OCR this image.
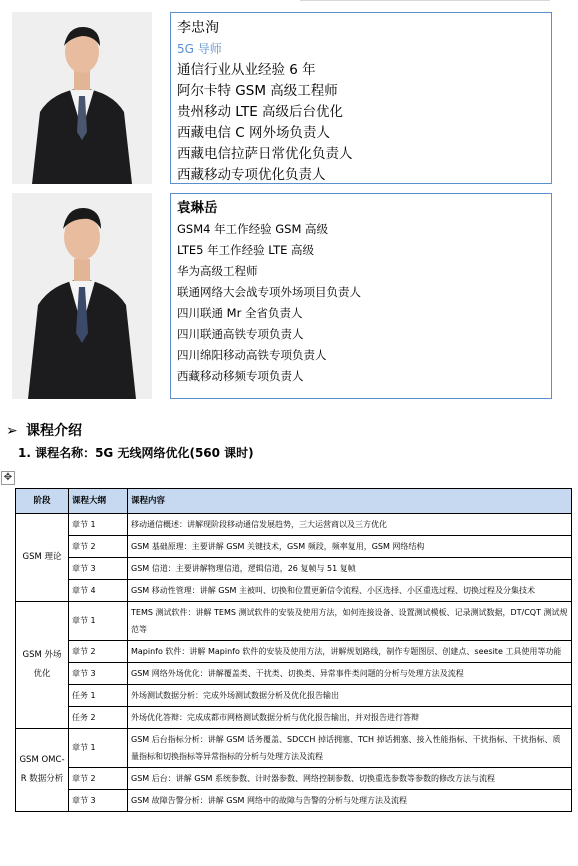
李忠洵
5G 导师
通信行业从业经验 6 年
阿尔卡特 GSM 高级工程师
贵州移动 LTE 高级后台优化
西藏电信 C 网外场负责人
西藏电信拉萨日常优化负责人
西藏移动专项优化负责人
袁琳岳
GSM4 年工作经验 GSM 高级
LTE5 年工作经验 LTE 高级
华为高级工程师
联通网络大会战专项外场项目负责人
四川联通 Mr 全省负责人
四川联通高铁专项负责人
四川绵阳移动高铁专项负责人
西藏移动移频专项负责人
➢ 课程介绍
1. 课程名称：5G 无线网络优化(560 课时)
✥
阶段	课程大纲	课程内容
GSM 理论	章节 1	移动通信概述：讲解现阶段移动通信发展趋势，三大运营商以及三方优化
	章节 2	GSM 基础原理：主要讲解 GSM 关键技术，GSM 频段，频率复用，GSM 网络结构
	章节 3	GSM 信道：主要讲解物理信道，逻辑信道，26 复帧与 51 复帧
	章节 4	GSM 移动性管理：讲解 GSM 主被叫、切换和位置更新信令流程、小区选择、小区重选过程、切换过程及分集技术
GSM 外场优化	章节 1	TEMS 测试软件：讲解 TEMS 测试软件的安装及使用方法，如何连接设备、设置测试模板、记录测试数据，DT/CQT 测试规范等
	章节 2	Mapinfo 软件：讲解 Mapinfo 软件的安装及使用方法，讲解规划路线，制作专题图层、创建点、seesite 工具使用等功能
	章节 3	GSM 网络外场优化：讲解覆盖类、干扰类、切换类、异常事件类问题的分析与处理方法及流程
	任务 1	外场测试数据分析：完成外场测试数据分析及优化报告输出
	任务 2	外场优化答辩：完成成都市网格测试数据分析与优化报告输出，并对报告进行答辩
GSM OMC-R 数据分析	章节 1	GSM 后台指标分析：讲解 GSM 话务覆盖、SDCCH 掉话拥塞、TCH 掉话拥塞、接入性能指标、干扰指标、干扰指标、质量指标和切换指标等异常指标的分析与处理方法及流程
	章节 2	GSM 后台：讲解 GSM 系统参数、计时器参数、网络控制参数、切换重选参数等参数的修改方法与流程
	章节 3	GSM 故障告警分析：讲解 GSM 网络中的故障与告警的分析与处理方法及流程
